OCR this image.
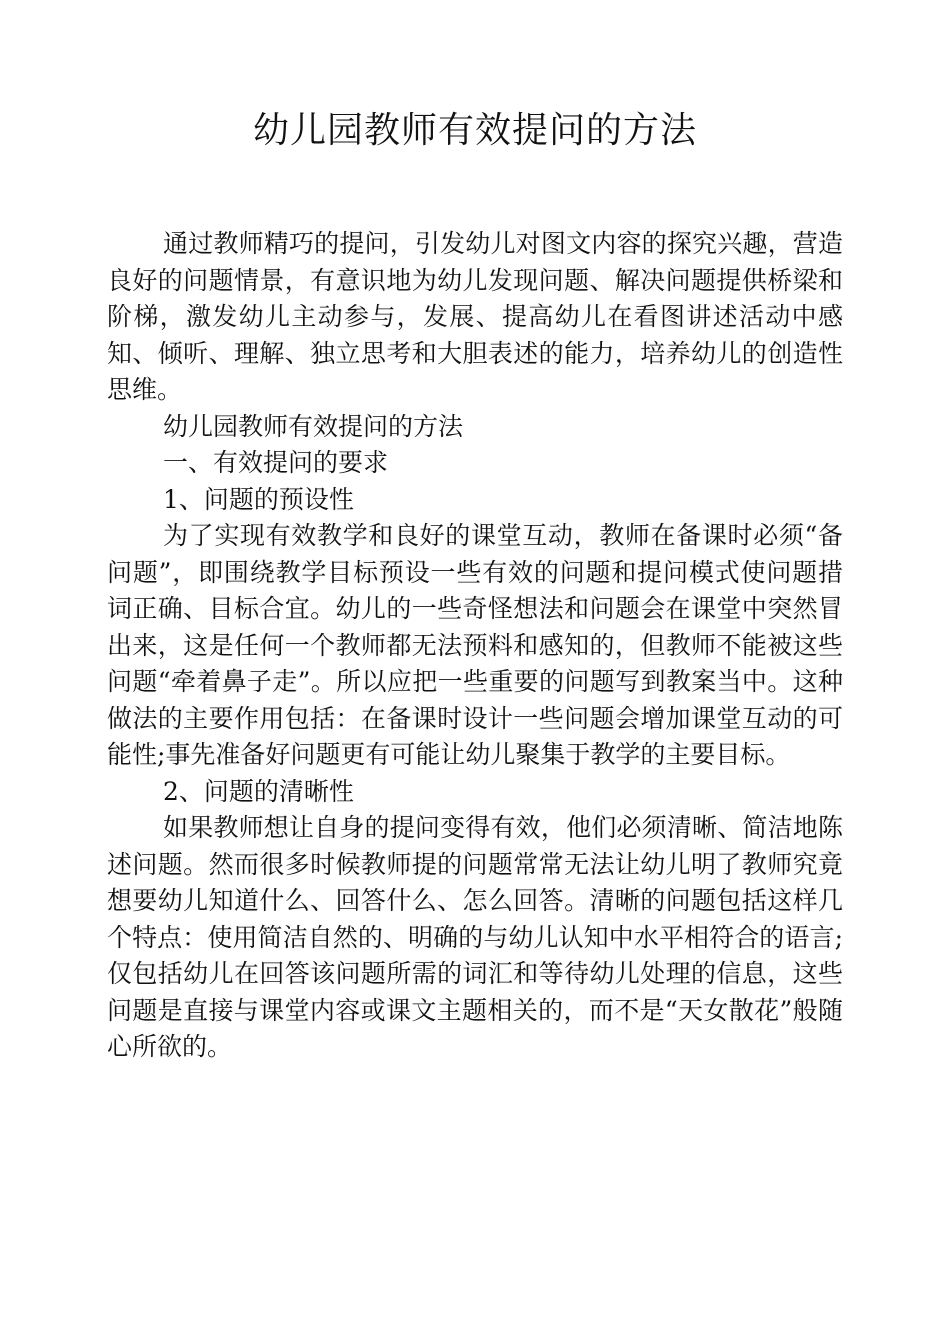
幼儿园教师有效提问的方法

通过教师精巧的提问，引发幼儿对图文内容的探究兴趣，营造良好的问题情景，有意识地为幼儿发现问题、解决问题提供桥梁和阶梯，激发幼儿主动参与，发展、提高幼儿在看图讲述活动中感知、倾听、理解、独立思考和大胆表述的能力，培养幼儿的创造性思维。

幼儿园教师有效提问的方法

一、有效提问的要求

1、问题的预设性

为了实现有效教学和良好的课堂互动，教师在备课时必须“备问题”，即围绕教学目标预设一些有效的问题和提问模式使问题措词正确、目标合宜。幼儿的一些奇怪想法和问题会在课堂中突然冒出来，这是任何一个教师都无法预料和感知的，但教师不能被这些问题“牵着鼻子走”。所以应把一些重要的问题写到教案当中。这种做法的主要作用包括：在备课时设计一些问题会增加课堂互动的可能性;事先准备好问题更有可能让幼儿聚集于教学的主要目标。

2、问题的清晰性

如果教师想让自身的提问变得有效，他们必须清晰、简洁地陈述问题。然而很多时候教师提的问题常常无法让幼儿明了教师究竟想要幼儿知道什么、回答什么、怎么回答。清晰的问题包括这样几个特点：使用简洁自然的、明确的与幼儿认知中水平相符合的语言;仅包括幼儿在回答该问题所需的词汇和等待幼儿处理的信息，这些问题是直接与课堂内容或课文主题相关的，而不是“天女散花”般随心所欲的。
